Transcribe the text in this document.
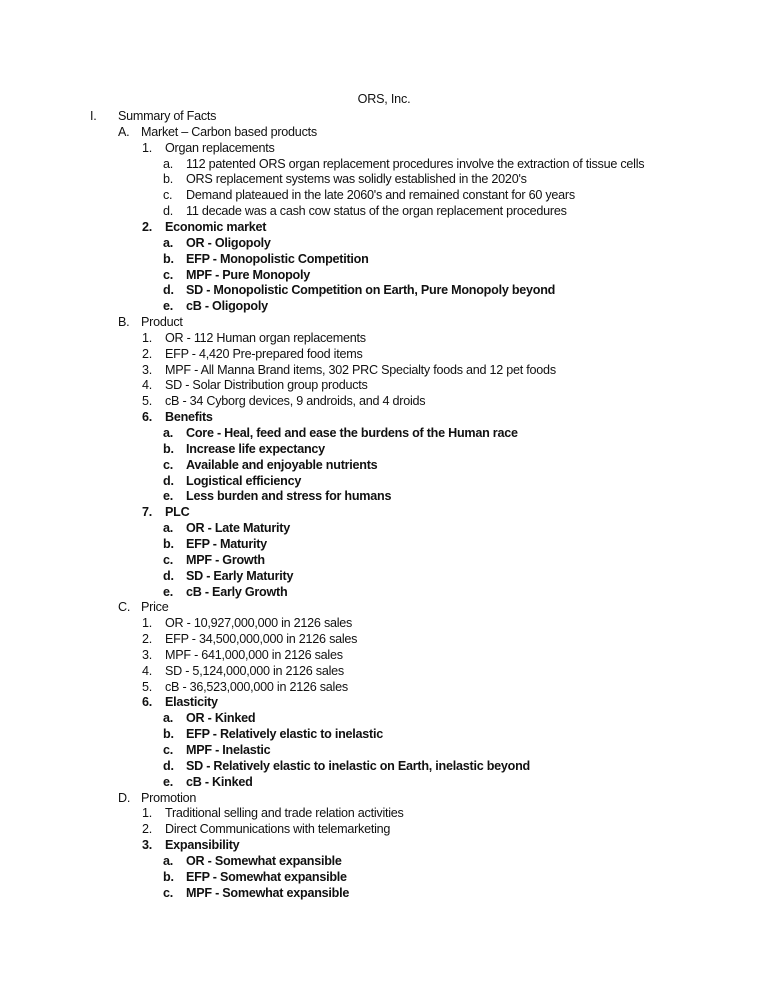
ORS, Inc.
I. Summary of Facts
A. Market – Carbon based products
1. Organ replacements
a. 112 patented ORS organ replacement procedures involve the extraction of tissue cells
b. ORS replacement systems was solidly established in the 2020's
c. Demand plateaued in the late 2060's and remained constant for 60 years
d. 11 decade was a cash cow status of the organ replacement procedures
2. Economic market
a. OR - Oligopoly
b. EFP - Monopolistic Competition
c. MPF - Pure Monopoly
d. SD - Monopolistic Competition on Earth, Pure Monopoly beyond
e. cB - Oligopoly
B. Product
1. OR - 112 Human organ replacements
2. EFP - 4,420 Pre-prepared food items
3. MPF - All Manna Brand items, 302 PRC Specialty foods and 12 pet foods
4. SD - Solar Distribution group products
5. cB - 34 Cyborg devices, 9 androids, and 4 droids
6. Benefits
a. Core - Heal, feed and ease the burdens of the Human race
b. Increase life expectancy
c. Available and enjoyable nutrients
d. Logistical efficiency
e. Less burden and stress for humans
7. PLC
a. OR - Late Maturity
b. EFP - Maturity
c. MPF - Growth
d. SD - Early Maturity
e. cB - Early Growth
C. Price
1. OR - 10,927,000,000 in 2126 sales
2. EFP - 34,500,000,000 in 2126 sales
3. MPF - 641,000,000 in 2126 sales
4. SD - 5,124,000,000 in 2126 sales
5. cB - 36,523,000,000 in 2126 sales
6. Elasticity
a. OR - Kinked
b. EFP - Relatively elastic to inelastic
c. MPF - Inelastic
d. SD - Relatively elastic to inelastic on Earth, inelastic beyond
e. cB - Kinked
D. Promotion
1. Traditional selling and trade relation activities
2. Direct Communications with telemarketing
3. Expansibility
a. OR - Somewhat expansible
b. EFP - Somewhat expansible
c. MPF - Somewhat expansible
